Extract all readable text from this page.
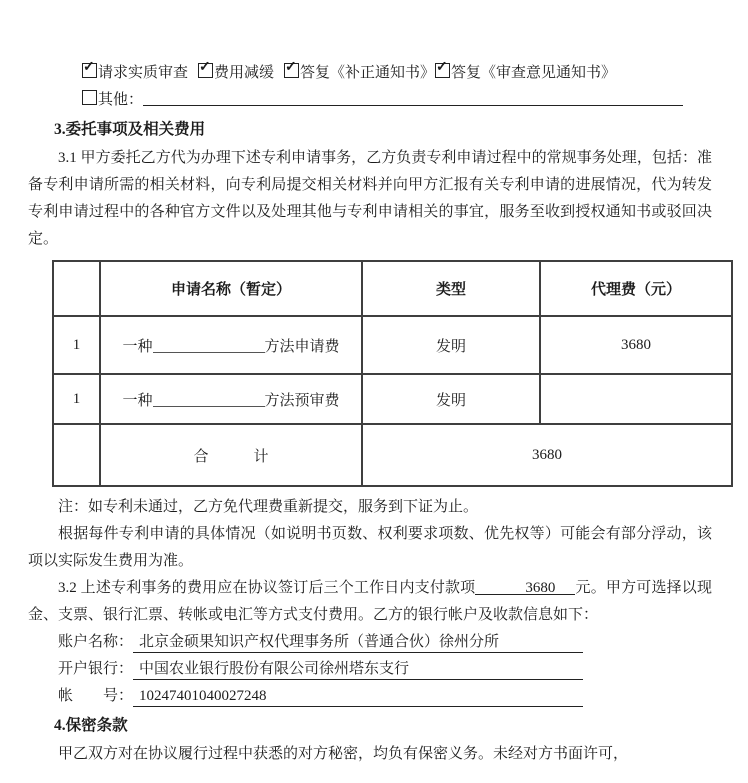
✓ 请求实质审查 ✓ 费用减缓 ✓ 答复《补正通知书》 ✓ 答复《审查意见通知书》
其他：
3.委托事项及相关费用

3.1 甲方委托乙方代为办理下述专利申请事务，乙方负责专利申请过程中的常规事务处理，包括：准备专利申请所需的相关材料，向专利局提交相关材料并向甲方汇报有关专利申请的进展情况，代为转发专利申请过程中的各种官方文件以及处理其他与专利申请相关的事宜，服务至收到授权通知书或驳回决定。

	申请名称（暂定）	类型	代理费（元）
1	一种 方法申请费	发明	3680
1	一种 方法预审费	发明	
	合　　　计	3680	

注：如专利未通过，乙方免代理费重新提交，服务到下证为止。

根据每件专利申请的具体情况（如说明书页数、权利要求项数、优先权等）可能会有部分浮动，该项以实际发生费用为准。

3.2 上述专利事务的费用应在协议签订后三个工作日内支付款项	3680 元。甲方可选择以现金、支票、银行汇票、转帐或电汇等方式支付费用。乙方的银行帐户及收款信息如下：

账户名称： 北京金硕果知识产权代理事务所（普通合伙）徐州分所
开户银行： 中国农业银行股份有限公司徐州塔东支行
帐　　号： 10247401040027248
4.保密条款

甲乙双方对在协议履行过程中获悉的对方秘密，均负有保密义务。未经对方书面许可，
